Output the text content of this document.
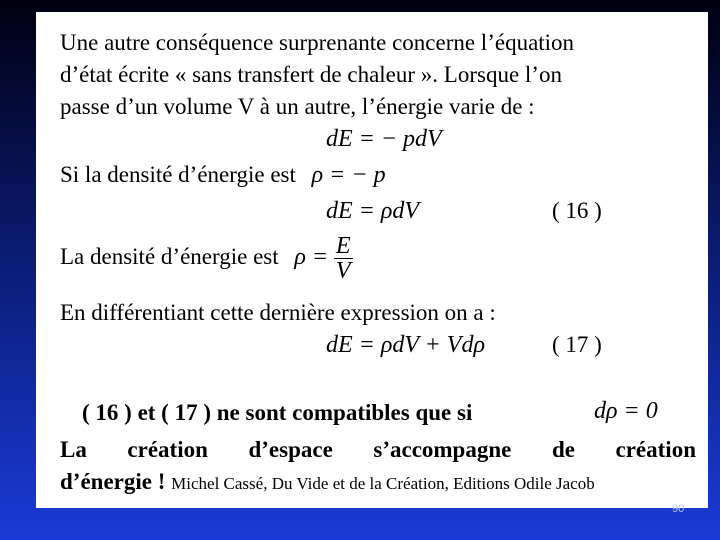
Une autre conséquence surprenante concerne l’équation
d’état écrite « sans transfert de chaleur ». Lorsque l’on
passe d’un volume V à un autre, l’énergie varie de :
dE = − pdV
Si la densité d’énergie est ρ = − p
dE = ρdV	( 16 )
La densité d’énergie est $\rho = \frac{E}{V}$
En différentiant cette dernière expression on a :
dE = ρdV + Vdρ	( 17 )
( 16 ) et ( 17 ) ne sont compatibles que si	dρ = 0
La création d’espace s’accompagne de création
d’énergie ! Michel Cassé, Du Vide et de la Création, Editions Odile Jacob
90
